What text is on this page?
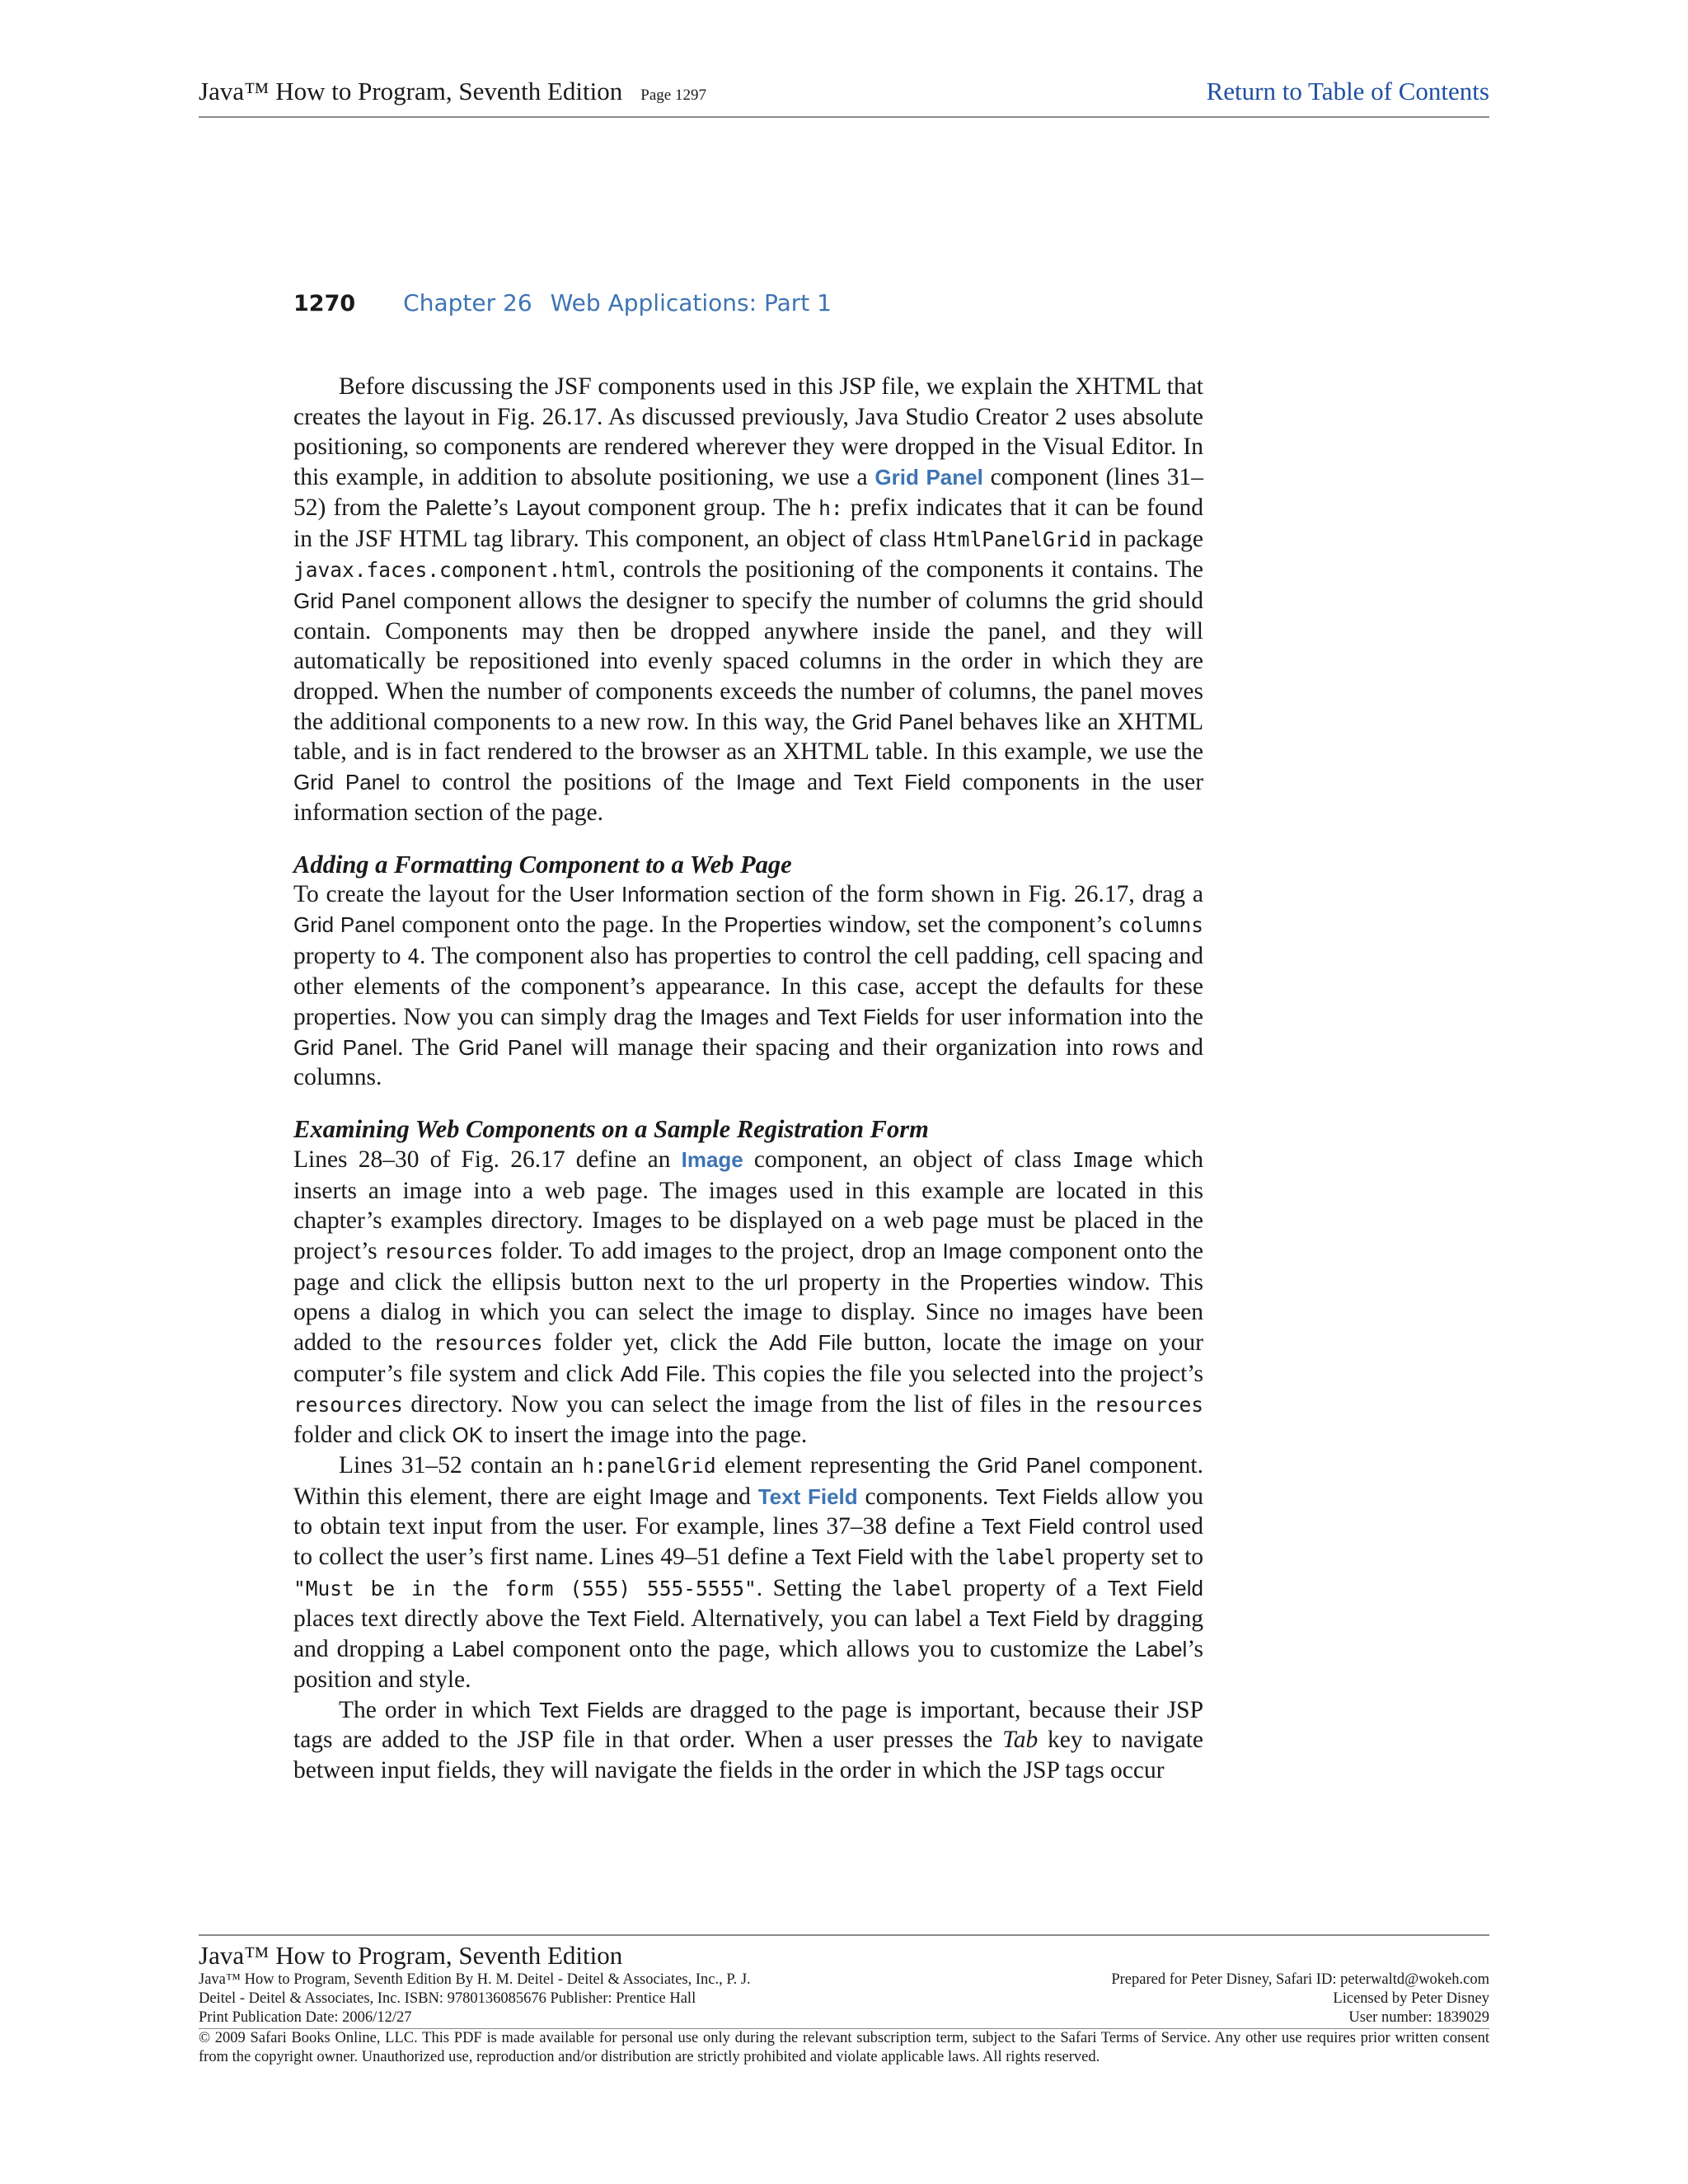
Java™ How to Program, Seventh Edition Page 1297	Return to Table of Contents
1270 Chapter 26 Web Applications: Part 1

Before discussing the JSF components used in this JSP file, we explain the XHTML that creates the layout in Fig. 26.17. As discussed previously, Java Studio Creator 2 uses absolute positioning, so components are rendered wherever they were dropped in the Visual Editor. In this example, in addition to absolute positioning, we use a Grid Panel component (lines 31–52) from the Palette’s Layout component group. The h: prefix indicates that it can be found in the JSF HTML tag library. This component, an object of class HtmlPanelGrid in package javax.faces.component.html, controls the positioning of the components it contains. The Grid Panel component allows the designer to specify the number of columns the grid should contain. Components may then be dropped anywhere inside the panel, and they will automatically be repositioned into evenly spaced columns in the order in which they are dropped. When the number of components exceeds the number of columns, the panel moves the additional components to a new row. In this way, the Grid Panel behaves like an XHTML table, and is in fact rendered to the browser as an XHTML table. In this example, we use the Grid Panel to control the positions of the Image and Text Field components in the user information section of the page.

Adding a Formatting Component to a Web Page

To create the layout for the User Information section of the form shown in Fig. 26.17, drag a Grid Panel component onto the page. In the Properties window, set the component’s columns property to 4. The component also has properties to control the cell padding, cell spacing and other elements of the component’s appearance. In this case, accept the defaults for these properties. Now you can simply drag the Images and Text Fields for user information into the Grid Panel. The Grid Panel will manage their spacing and their organization into rows and columns.

Examining Web Components on a Sample Registration Form

Lines 28–30 of Fig. 26.17 define an Image component, an object of class Image which inserts an image into a web page. The images used in this example are located in this chapter’s examples directory. Images to be displayed on a web page must be placed in the project’s resources folder. To add images to the project, drop an Image component onto the page and click the ellipsis button next to the url property in the Properties window. This opens a dialog in which you can select the image to display. Since no images have been added to the resources folder yet, click the Add File button, locate the image on your computer’s file system and click Add File. This copies the file you selected into the project’s resources directory. Now you can select the image from the list of files in the resources folder and click OK to insert the image into the page.

Lines 31–52 contain an h:panelGrid element representing the Grid Panel component. Within this element, there are eight Image and Text Field components. Text Fields allow you to obtain text input from the user. For example, lines 37–38 define a Text Field control used to collect the user’s first name. Lines 49–51 define a Text Field with the label property set to "Must be in the form (555) 555-5555". Setting the label property of a Text Field places text directly above the Text Field. Alternatively, you can label a Text Field by dragging and dropping a Label component onto the page, which allows you to customize the Label’s position and style.

The order in which Text Fields are dragged to the page is important, because their JSP tags are added to the JSP file in that order. When a user presses the Tab key to navigate between input fields, they will navigate the fields in the order in which the JSP tags occur

Java™ How to Program, Seventh Edition
Java™ How to Program, Seventh Edition By H. M. Deitel - Deitel & Associates, Inc., P. J.	Prepared for Peter Disney, Safari ID: peterwaltd@wokeh.com
Deitel - Deitel & Associates, Inc. ISBN: 9780136085676 Publisher: Prentice Hall	Licensed by Peter Disney
Print Publication Date: 2006/12/27	User number: 1839029
© 2009 Safari Books Online, LLC. This PDF is made available for personal use only during the relevant subscription term, subject to the Safari Terms of Service. Any other use requires prior written consent from the copyright owner. Unauthorized use, reproduction and/or distribution are strictly prohibited and violate applicable laws. All rights reserved.
